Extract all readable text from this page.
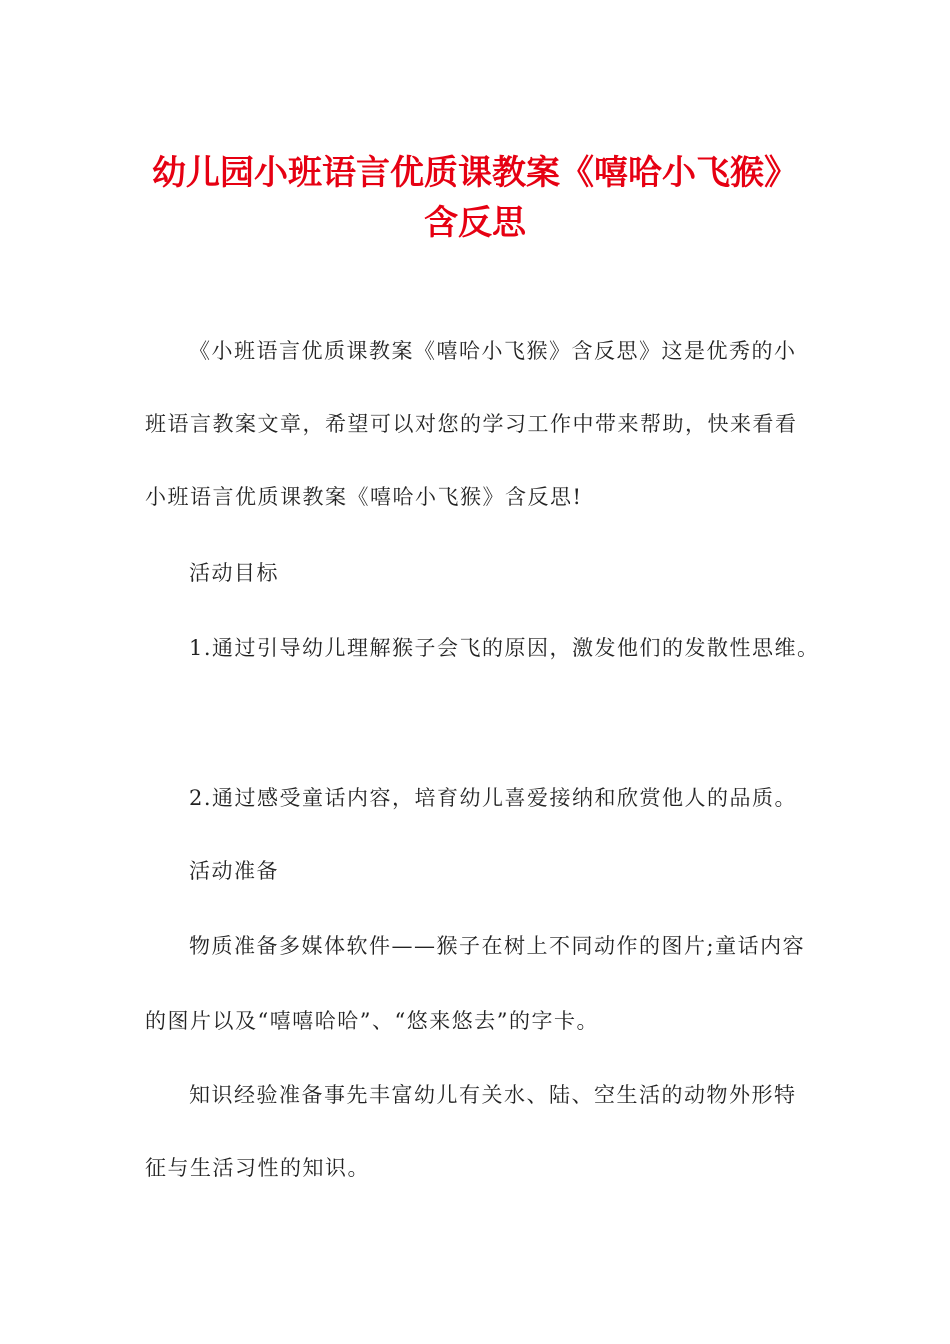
幼儿园小班语言优质课教案《嘻哈小飞猴》
含反思

《小班语言优质课教案《嘻哈小飞猴》含反思》这是优秀的小

班语言教案文章，希望可以对您的学习工作中带来帮助，快来看看

小班语言优质课教案《嘻哈小飞猴》含反思!

活动目标

1.通过引导幼儿理解猴子会飞的原因，激发他们的发散性思维。

2.通过感受童话内容，培育幼儿喜爱接纳和欣赏他人的品质。

活动准备

物质准备多媒体软件——猴子在树上不同动作的图片;童话内容

的图片以及“嘻嘻哈哈”、“悠来悠去”的字卡。

知识经验准备事先丰富幼儿有关水、陆、空生活的动物外形特

征与生活习性的知识。
